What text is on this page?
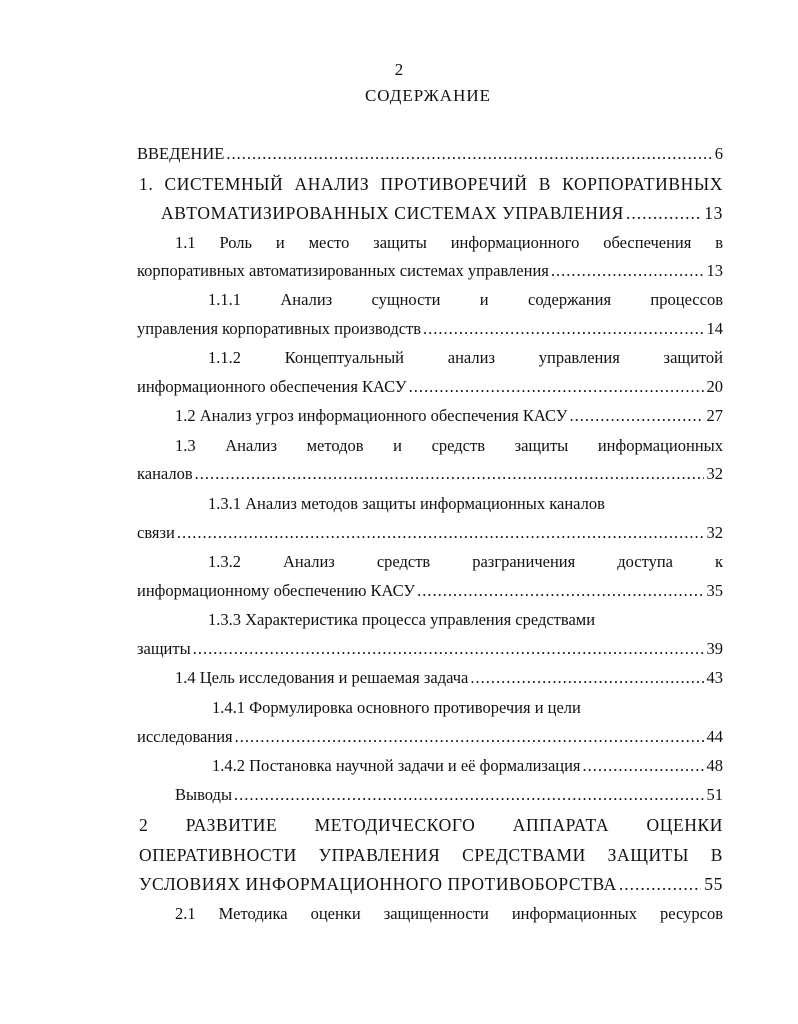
2
СОДЕРЖАНИЕ
ВВЕДЕНИЕ .....	6
1. СИСТЕМНЫЙ АНАЛИЗ ПРОТИВОРЕЧИЙ В КОРПОРАТИВНЫХ
АВТОМАТИЗИРОВАННЫХ СИСТЕМАХ УПРАВЛЕНИЯ .....	13
1.1 Роль и место защиты информационного обеспечения в
корпоративных автоматизированных системах управления .....	13
1.1.1 Анализ сущности и содержания процессов
управления корпоративных производств .....	14
1.1.2 Концептуальный анализ управления защитой
информационного обеспечения КАСУ .....	20
1.2 Анализ угроз информационного обеспечения КАСУ .....	27
1.3 Анализ методов и средств защиты информационных
каналов .....	32
1.3.1 Анализ методов защиты информационных каналов
связи .....	32
1.3.2 Анализ средств разграничения доступа к
информационному обеспечению КАСУ .....	35
1.3.3 Характеристика процесса управления средствами
защиты .....	39
1.4 Цель исследования и решаемая задача .....	43
1.4.1 Формулировка основного противоречия и цели
исследования .....	44
1.4.2 Постановка научной задачи и её формализация .....	48
Выводы .....	51
2 РАЗВИТИЕ МЕТОДИЧЕСКОГО АППАРАТА ОЦЕНКИ
ОПЕРАТИВНОСТИ УПРАВЛЕНИЯ СРЕДСТВАМИ ЗАЩИТЫ В
УСЛОВИЯХ ИНФОРМАЦИОННОГО ПРОТИВОБОРСТВА .....	55
2.1 Методика оценки защищенности информационных ресурсов
